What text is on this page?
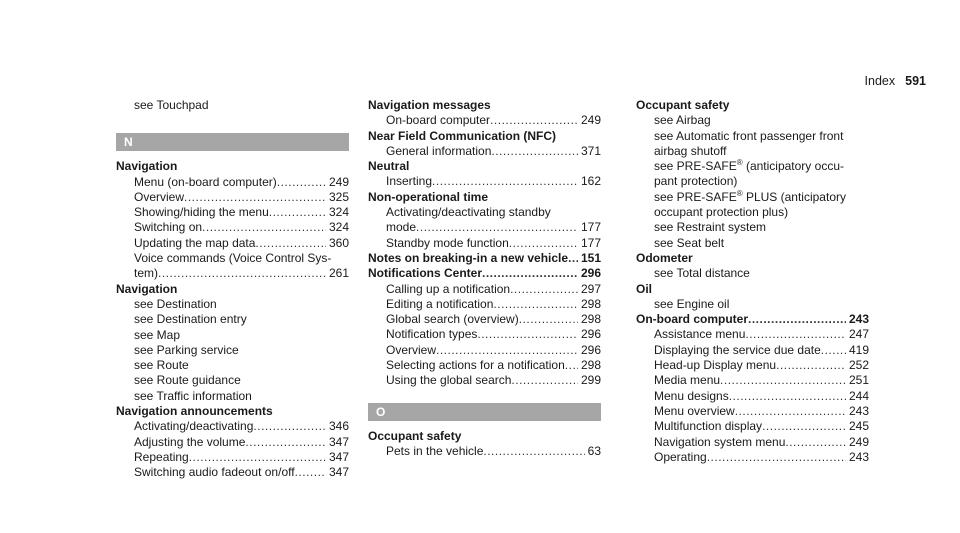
Index 591
see Touchpad
N
Navigation
Menu (on-board computer) .....	249
Overview .....	325
Showing/hiding the menu .....	324
Switching on .....	324
Updating the map data .....	360
Voice commands (Voice Control Sys-
tem) .....	261
Navigation
see Destination
see Destination entry
see Map
see Parking service
see Route
see Route guidance
see Traffic information
Navigation announcements
Activating/deactivating .....	346
Adjusting the volume .....	347
Repeating .....	347
Switching audio fadeout on/off .....	347
Navigation messages
On-board computer .....	249
Near Field Communication (NFC)
General information .....	371
Neutral
Inserting .....	162
Non-operational time
Activating/deactivating standby
mode .....	177
Standby mode function .....	177
Notes on breaking-in a new vehicle ..... 151
Notifications Center .....	296
Calling up a notification .....	297
Editing a notification .....	298
Global search (overview) .....	298
Notification types .....	296
Overview .....	296
Selecting actions for a notification ..... 298
Using the global search .....	299
O
Occupant safety
Pets in the vehicle .....	63
Occupant safety
see Airbag
see Automatic front passenger front
airbag shutoff
see PRE-SAFE® (anticipatory occu-
pant protection)
see PRE-SAFE® PLUS (anticipatory
occupant protection plus)
see Restraint system
see Seat belt
Odometer
see Total distance
Oil
see Engine oil
On-board computer .....	243
Assistance menu .....	247
Displaying the service due date ..... 419
Head-up Display menu .....	252
Media menu .....	251
Menu designs .....	244
Menu overview .....	243
Multifunction display .....	245
Navigation system menu .....	249
Operating .....	243
